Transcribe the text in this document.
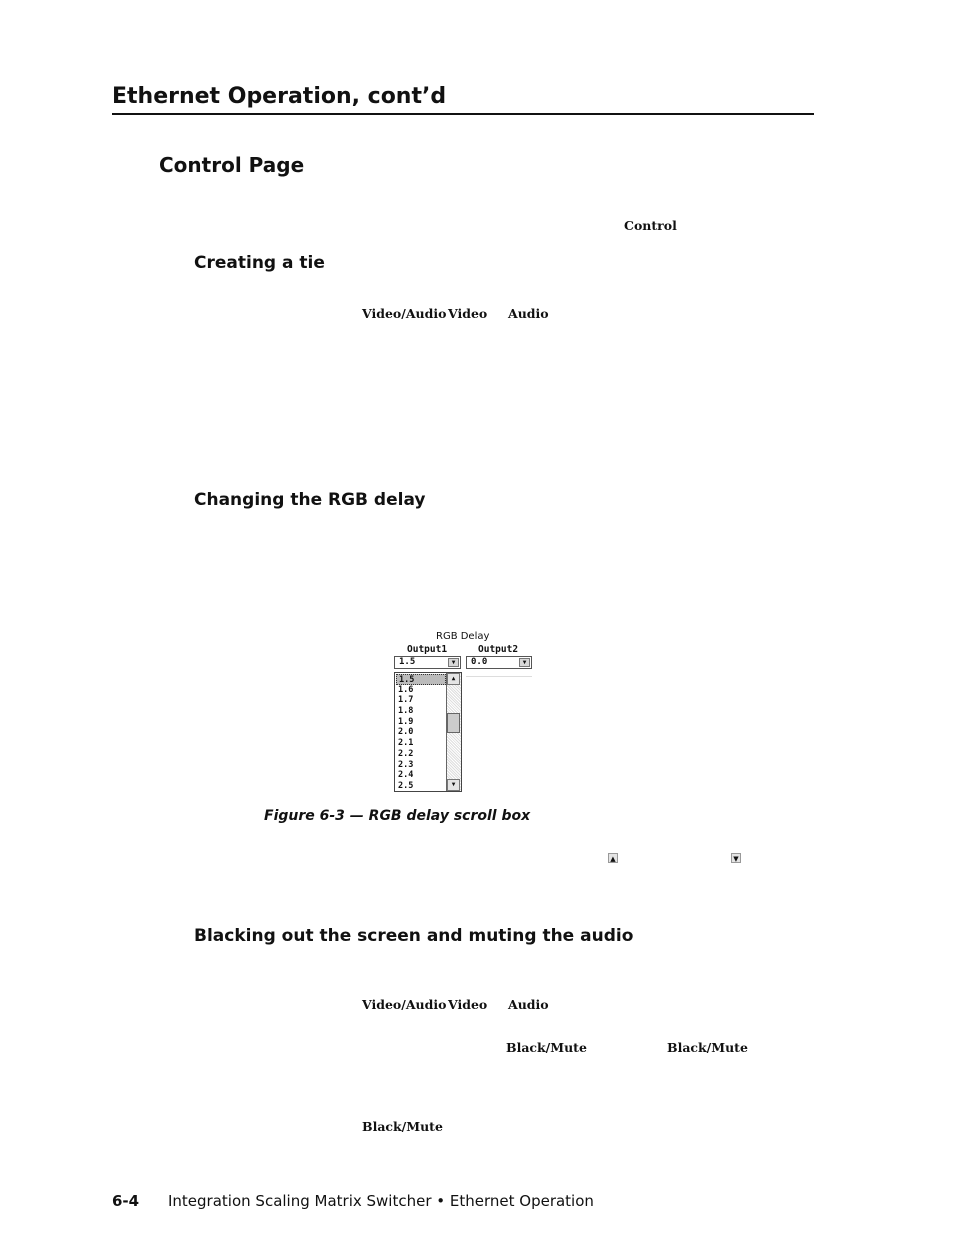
Ethernet Operation, cont’d
Control Page
Control
Creating a tie
Video/Audio Video Audio
Changing the RGB delay
RGB Delay
Output1	Output2
1.5	▼	0.0	▼
1.5
1.6
1.7
1.8
1.9
2.0
2.1
2.2
2.3
2.4
2.5
▲
▼
Figure 6-3 — RGB delay scroll box
▲	▼
Blacking out the screen and muting the audio
Video/Audio Video Audio
Black/Mute	Black/Mute
Black/Mute
6-4 Integration Scaling Matrix Switcher • Ethernet Operation
